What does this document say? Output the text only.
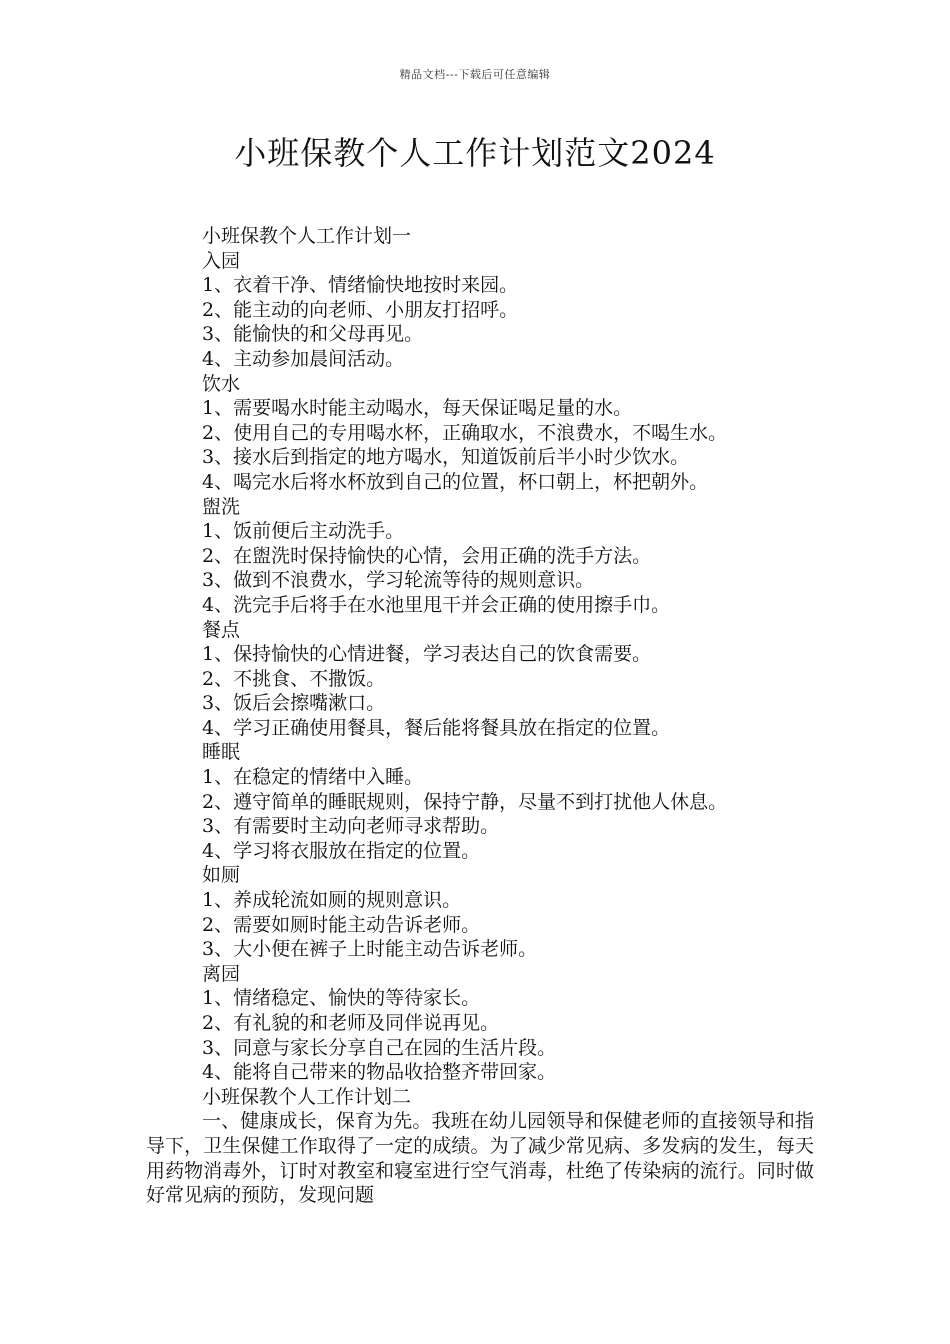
精品文档---下载后可任意编辑
小班保教个人工作计划范文2024
小班保教个人工作计划一
入园
1、衣着干净、情绪愉快地按时来园。
2、能主动的向老师、小朋友打招呼。
3、能愉快的和父母再见。
4、主动参加晨间活动。
饮水
1、需要喝水时能主动喝水，每天保证喝足量的水。
2、使用自己的专用喝水杯，正确取水，不浪费水，不喝生水。
3、接水后到指定的地方喝水，知道饭前后半小时少饮水。
4、喝完水后将水杯放到自己的位置，杯口朝上，杯把朝外。
盥洗
1、饭前便后主动洗手。
2、在盥洗时保持愉快的心情，会用正确的洗手方法。
3、做到不浪费水，学习轮流等待的规则意识。
4、洗完手后将手在水池里甩干并会正确的使用擦手巾。
餐点
1、保持愉快的心情进餐，学习表达自己的饮食需要。
2、不挑食、不撒饭。
3、饭后会擦嘴漱口。
4、学习正确使用餐具，餐后能将餐具放在指定的位置。
睡眠
1、在稳定的情绪中入睡。
2、遵守简单的睡眠规则，保持宁静，尽量不到打扰他人休息。
3、有需要时主动向老师寻求帮助。
4、学习将衣服放在指定的位置。
如厕
1、养成轮流如厕的规则意识。
2、需要如厕时能主动告诉老师。
3、大小便在裤子上时能主动告诉老师。
离园
1、情绪稳定、愉快的等待家长。
2、有礼貌的和老师及同伴说再见。
3、同意与家长分享自己在园的生活片段。
4、能将自己带来的物品收拾整齐带回家。
小班保教个人工作计划二

一、健康成长，保育为先。我班在幼儿园领导和保健老师的直接领导和指导下，卫生保健工作取得了一定的成绩。为了减少常见病、多发病的发生，每天用药物消毒外，订时对教室和寝室进行空气消毒，杜绝了传染病的流行。同时做好常见病的预防，发现问题
